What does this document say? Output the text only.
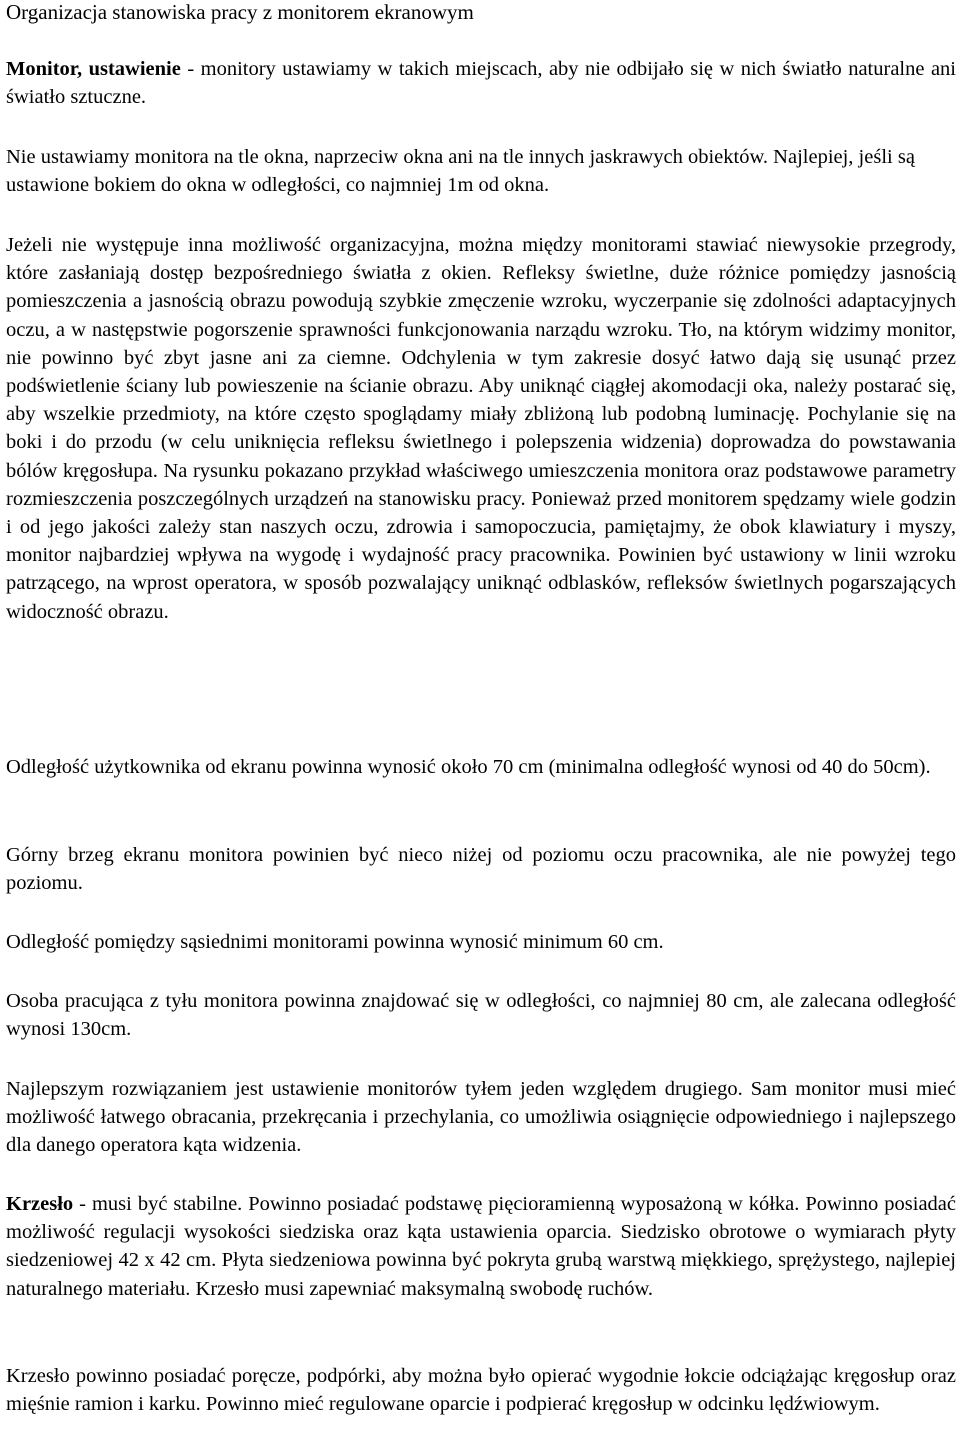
Organizacja stanowiska pracy z monitorem ekranowym

Monitor, ustawienie - monitory ustawiamy w takich miejscach, aby nie odbijało się w nich światło naturalne ani światło sztuczne.

Nie ustawiamy monitora na tle okna, naprzeciw okna ani na tle innych jaskrawych obiektów. Najlepiej, jeśli są ustawione bokiem do okna w odległości, co najmniej 1m od okna.

Jeżeli nie występuje inna możliwość organizacyjna, można między monitorami stawiać niewysokie przegrody, które zasłaniają dostęp bezpośredniego światła z okien. Refleksy świetlne, duże różnice pomiędzy jasnością pomieszczenia a jasnością obrazu powodują szybkie zmęczenie wzroku, wyczerpanie się zdolności adaptacyjnych oczu, a w następstwie pogorszenie sprawności funkcjonowania narządu wzroku. Tło, na którym widzimy monitor, nie powinno być zbyt jasne ani za ciemne. Odchylenia w tym zakresie dosyć łatwo dają się usunąć przez podświetlenie ściany lub powieszenie na ścianie obrazu. Aby uniknąć ciągłej akomodacji oka, należy postarać się, aby wszelkie przedmioty, na które często spoglądamy miały zbliżoną lub podobną luminację. Pochylanie się na boki i do przodu (w celu uniknięcia refleksu świetlnego i polepszenia widzenia) doprowadza do powstawania bólów kręgosłupa. Na rysunku pokazano przykład właściwego umieszczenia monitora oraz podstawowe parametry rozmieszczenia poszczególnych urządzeń na stanowisku pracy. Ponieważ przed monitorem spędzamy wiele godzin i od jego jakości zależy stan naszych oczu, zdrowia i samopoczucia, pamiętajmy, że obok klawiatury i myszy, monitor najbardziej wpływa na wygodę i wydajność pracy pracownika. Powinien być ustawiony w linii wzroku patrzącego, na wprost operatora, w sposób pozwalający uniknąć odblasków, refleksów świetlnych pogarszających widoczność obrazu.

Odległość użytkownika od ekranu powinna wynosić około 70 cm (minimalna odległość wynosi od 40 do 50cm).

Górny brzeg ekranu monitora powinien być nieco niżej od poziomu oczu pracownika, ale nie powyżej tego poziomu.

Odległość pomiędzy sąsiednimi monitorami powinna wynosić minimum 60 cm.

Osoba pracująca z tyłu monitora powinna znajdować się w odległości, co najmniej 80 cm, ale zalecana odległość wynosi 130cm.

Najlepszym rozwiązaniem jest ustawienie monitorów tyłem jeden względem drugiego. Sam monitor musi mieć możliwość łatwego obracania, przekręcania i przechylania, co umożliwia osiągnięcie odpowiedniego i najlepszego dla danego operatora kąta widzenia.

Krzesło - musi być stabilne. Powinno posiadać podstawę pięcioramienną wyposażoną w kółka. Powinno posiadać możliwość regulacji wysokości siedziska oraz kąta ustawienia oparcia. Siedzisko obrotowe o wymiarach płyty siedzeniowej 42 x 42 cm. Płyta siedzeniowa powinna być pokryta grubą warstwą miękkiego, sprężystego, najlepiej naturalnego materiału. Krzesło musi zapewniać maksymalną swobodę ruchów.

Krzesło powinno posiadać poręcze, podpórki, aby można było opierać wygodnie łokcie odciążając kręgosłup oraz mięśnie ramion i karku. Powinno mieć regulowane oparcie i podpierać kręgosłup w odcinku lędźwiowym.
